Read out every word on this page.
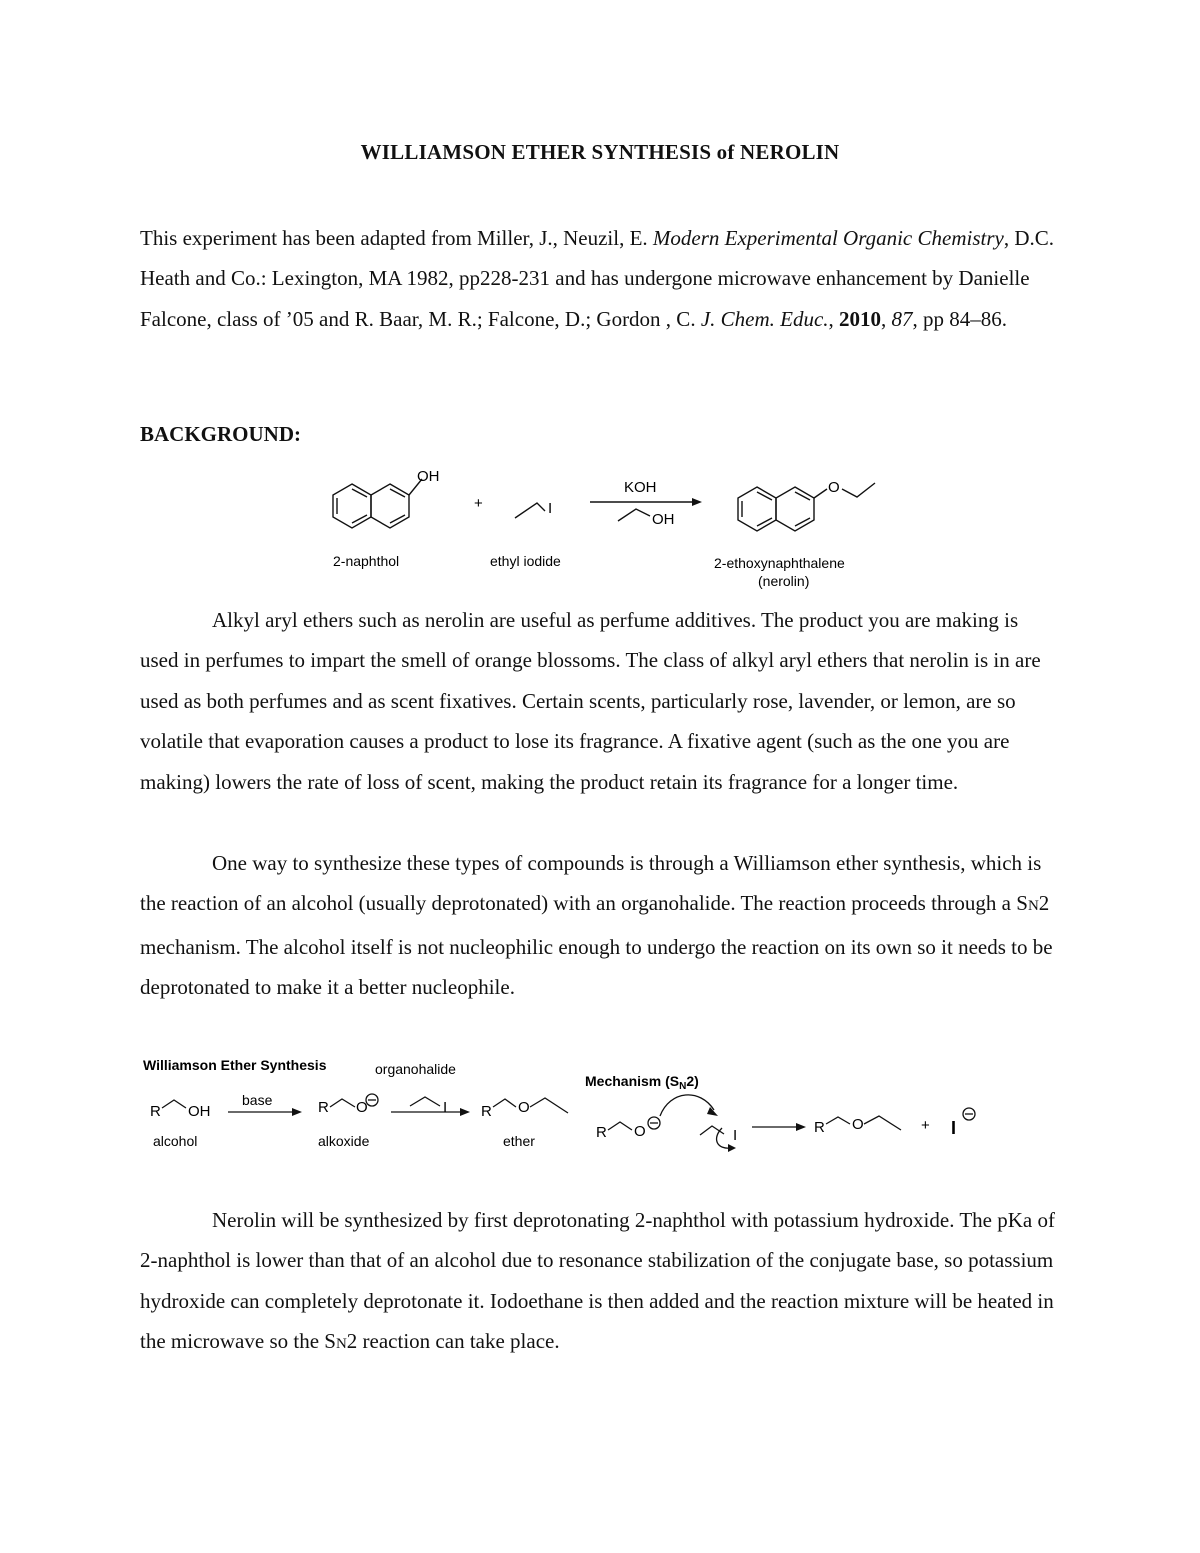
WILLIAMSON ETHER SYNTHESIS of NEROLIN
This experiment has been adapted from Miller, J., Neuzil, E. Modern Experimental Organic Chemistry, D.C. Heath and Co.: Lexington, MA 1982, pp228-231 and has undergone microwave enhancement by Danielle Falcone, class of ’05 and R. Baar, M. R.; Falcone, D.; Gordon , C. J. Chem. Educ., 2010, 87, pp 84–86.
BACKGROUND:
OH
+	I
KOH
OH
O
2-naphthol	ethyl iodide	2-ethoxynaphthalene
(nerolin)
Alkyl aryl ethers such as nerolin are useful as perfume additives. The product you are making is used in perfumes to impart the smell of orange blossoms. The class of alkyl aryl ethers that nerolin is in are used as both perfumes and as scent fixatives. Certain scents, particularly rose, lavender, or lemon, are so volatile that evaporation causes a product to lose its fragrance. A fixative agent (such as the one you are making) lowers the rate of loss of scent, making the product retain its fragrance for a longer time.
One way to synthesize these types of compounds is through a Williamson ether synthesis, which is the reaction of an alcohol (usually deprotonated) with an organohalide. The reaction proceeds through a SN2 mechanism. The alcohol itself is not nucleophilic enough to undergo the reaction on its own so it needs to be deprotonated to make it a better nucleophile.
Williamson Ether Synthesis	organohalide
Mechanism $(S_N2)$
base
R OH	R O	I R O
R O	I	R O	+ I
alcohol	alkoxide	ether
Nerolin will be synthesized by first deprotonating 2-naphthol with potassium hydroxide. The pKa of 2-naphthol is lower than that of an alcohol due to resonance stabilization of the conjugate base, so potassium hydroxide can completely deprotonate it. Iodoethane is then added and the reaction mixture will be heated in the microwave so the SN2 reaction can take place.
